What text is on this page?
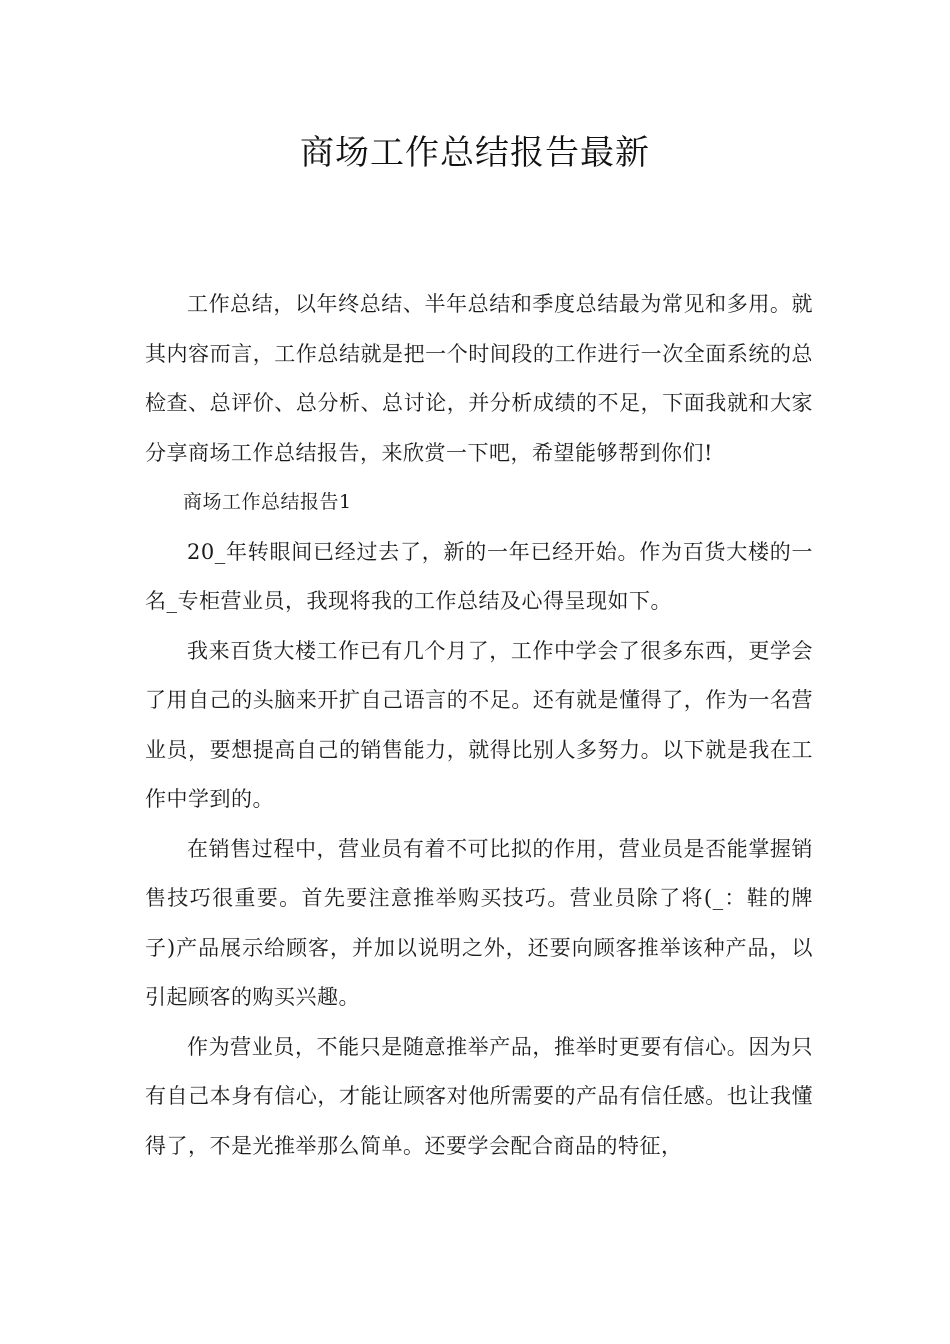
商场工作总结报告最新

工作总结，以年终总结、半年总结和季度总结最为常见和多用。就其内容而言，工作总结就是把一个时间段的工作进行一次全面系统的总检查、总评价、总分析、总讨论，并分析成绩的不足，下面我就和大家分享商场工作总结报告，来欣赏一下吧，希望能够帮到你们!

商场工作总结报告1

20_年转眼间已经过去了，新的一年已经开始。作为百货大楼的一名_专柜营业员，我现将我的工作总结及心得呈现如下。

我来百货大楼工作已有几个月了，工作中学会了很多东西，更学会了用自己的头脑来开扩自己语言的不足。还有就是懂得了，作为一名营业员，要想提高自己的销售能力，就得比别人多努力。以下就是我在工作中学到的。

在销售过程中，营业员有着不可比拟的作用，营业员是否能掌握销售技巧很重要。首先要注意推举购买技巧。营业员除了将(_：鞋的牌子)产品展示给顾客，并加以说明之外，还要向顾客推举该种产品，以引起顾客的购买兴趣。

作为营业员，不能只是随意推举产品，推举时更要有信心。因为只有自己本身有信心，才能让顾客对他所需要的产品有信任感。也让我懂得了，不是光推举那么简单。还要学会配合商品的特征，
